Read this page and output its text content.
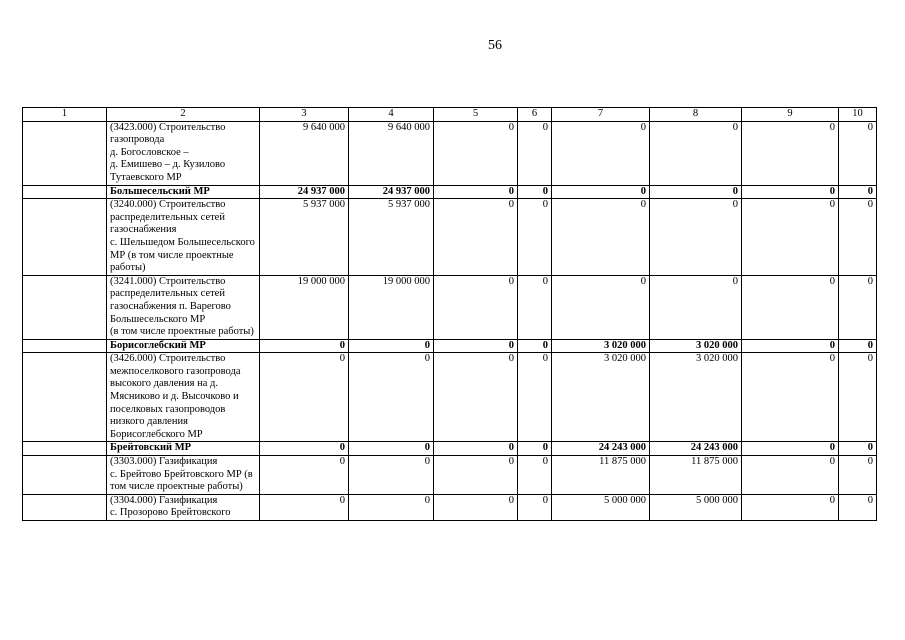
56
1	2	3	4	5	6	7	8	9	10
	(3423.000) Строительство газопровода
д. Богословское –
д. Емишево – д. Кузилово Тутаевского МР	9 640 000	9 640 000	0	0	0	0	0	0
	Большесельский МР	24 937 000	24 937 000	0	0	0	0	0	0
	(3240.000) Строительство распределительных сетей газоснабжения
с. Шельшедом Большесельского МР (в том числе проектные работы)	5 937 000	5 937 000	0	0	0	0	0	0
	(3241.000) Строительство распределительных сетей газоснабжения п. Варегово Большесельского МР
(в том числе проектные работы)	19 000 000	19 000 000	0	0	0	0	0	0
	Борисоглебский МР	0	0	0	0	3 020 000	3 020 000	0	0
	(3426.000) Строительство межпоселкового газопровода высокого давления на д. Мясниково и д. Высочково и поселковых газопроводов низкого давления Борисоглебского МР	0	0	0	0	3 020 000	3 020 000	0	0
	Брейтовский МР	0	0	0	0	24 243 000	24 243 000	0	0
	(3303.000) Газификация
с. Брейтово Брейтовского МР (в том числе проектные работы)	0	0	0	0	11 875 000	11 875 000	0	0
	(3304.000) Газификация
с. Прозорово Брейтовского	0	0	0	0	5 000 000	5 000 000	0	0
